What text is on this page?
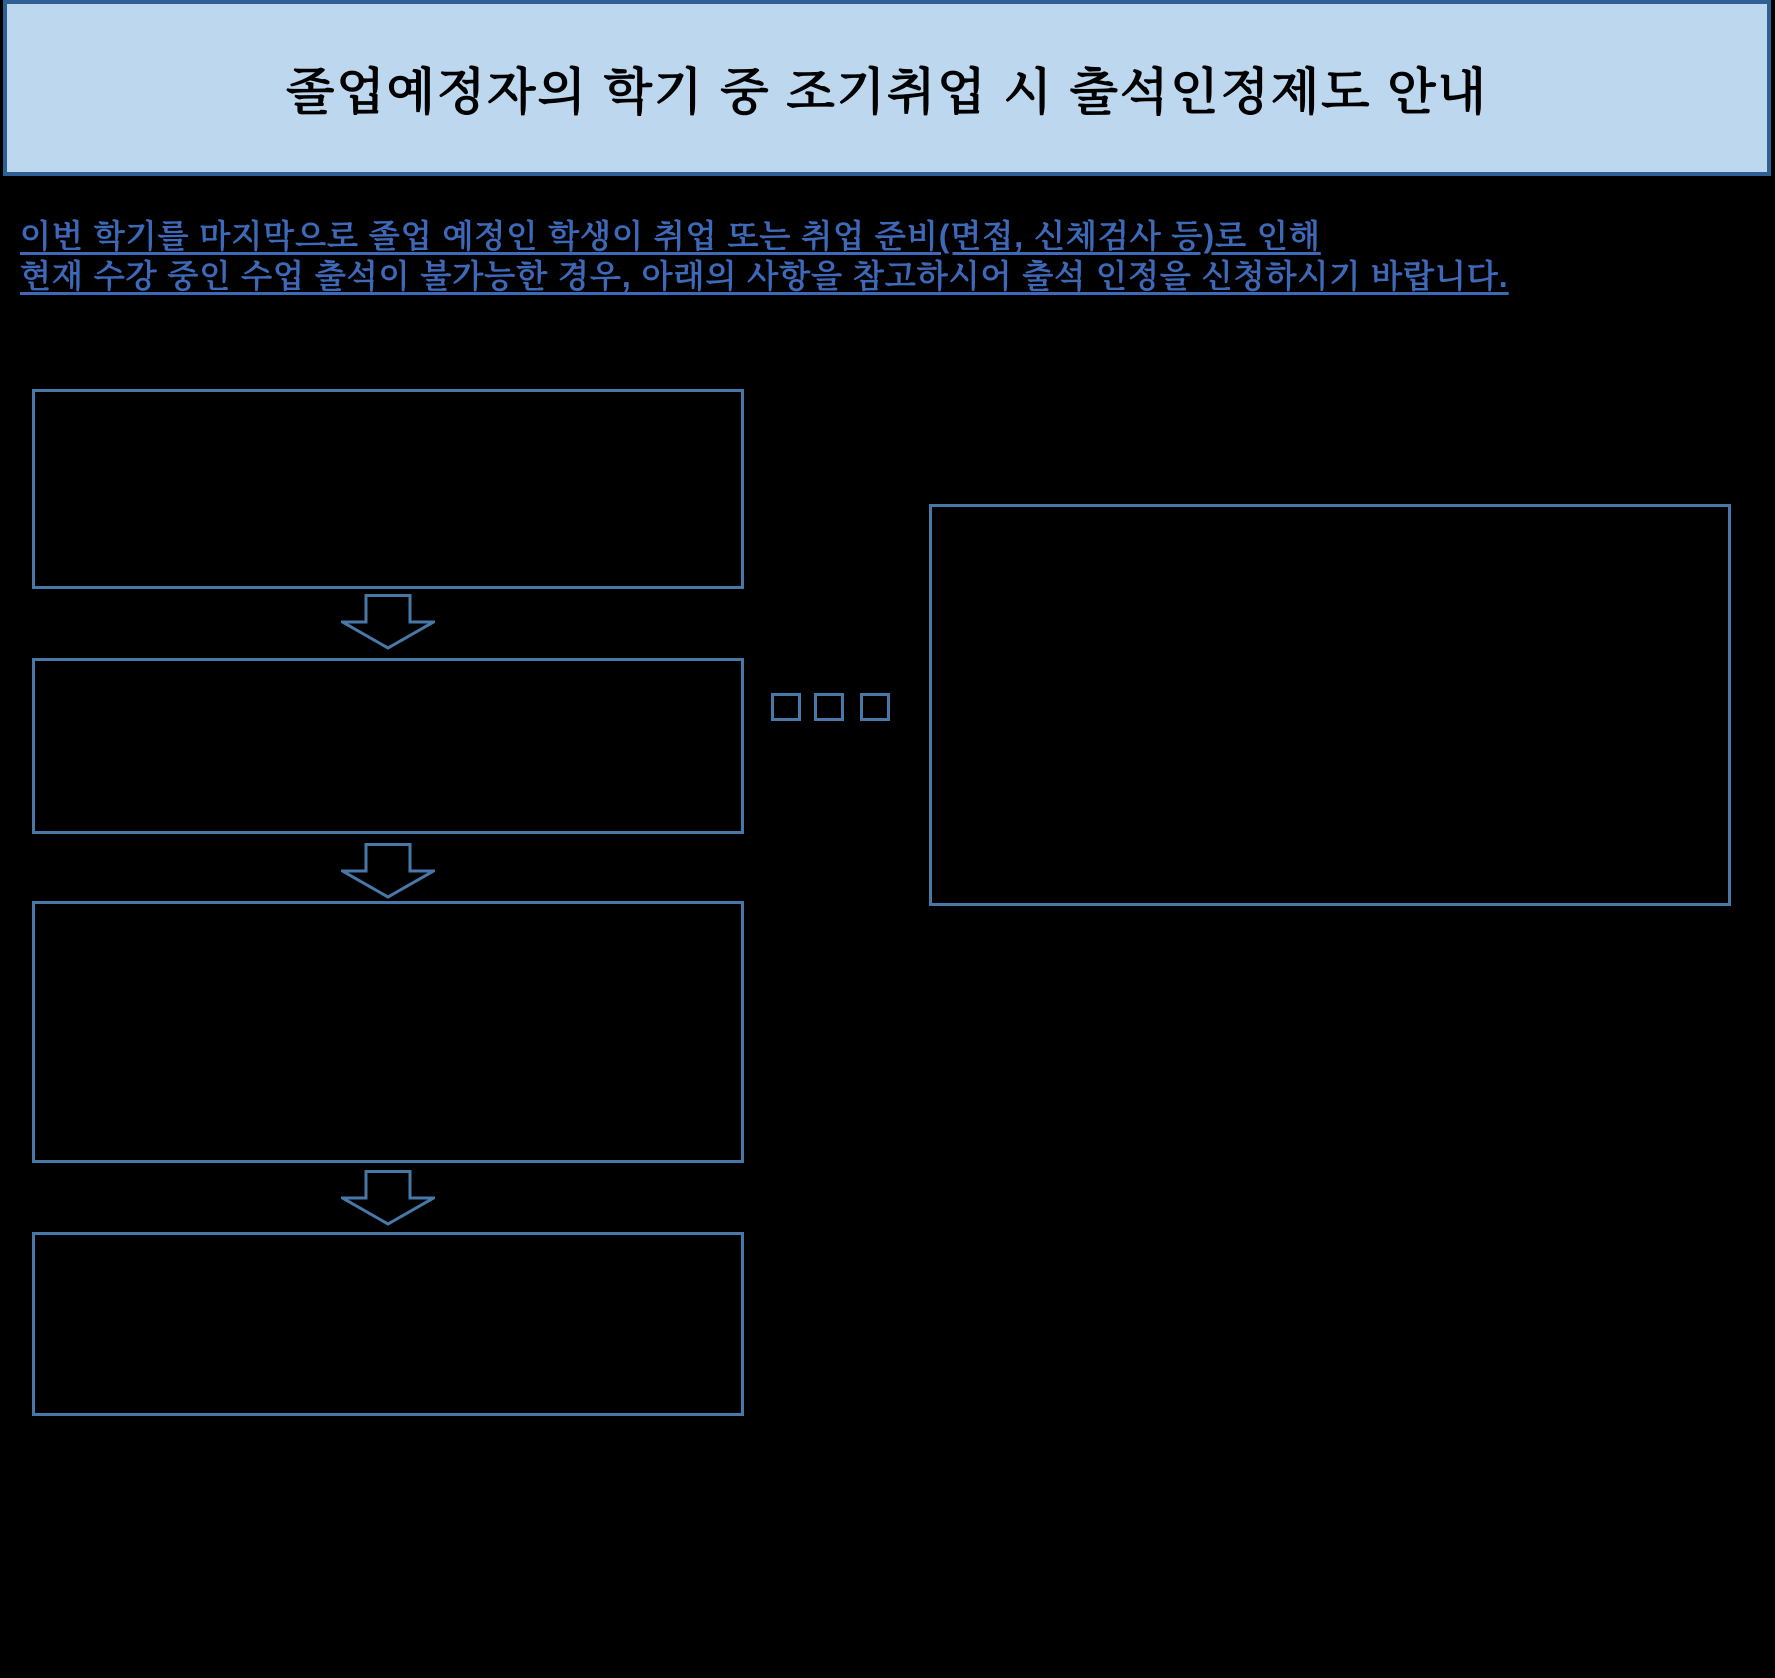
졸업예정자의 학기 중 조기취업 시 출석인정제도 안내

이번 학기를 마지막으로 졸업 예정인 학생이 취업 또는 취업 준비(면접, 신체검사 등)로 인해
현재 수강 중인 수업 출석이 불가능한 경우, 아래의 사항을 참고하시어 출석 인정을 신청하시기 바랍니다.
